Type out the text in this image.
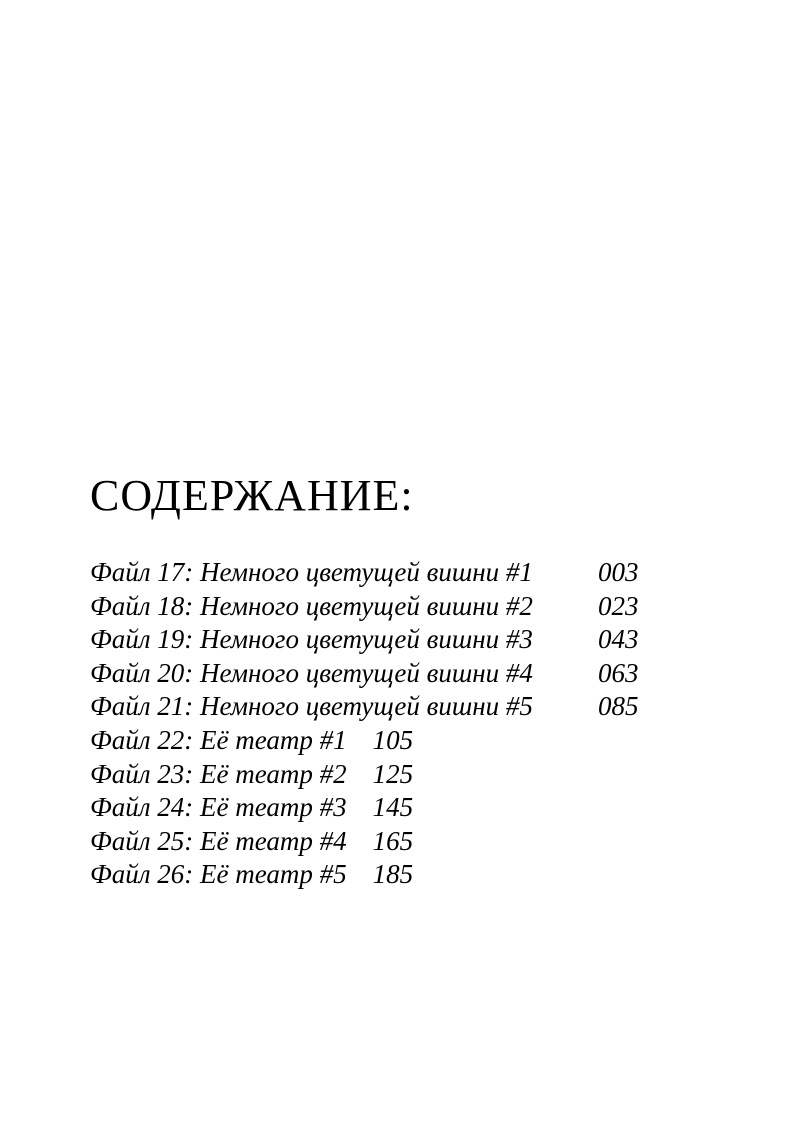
СОДЕРЖАНИЕ:
Файл 17: Немного цветущей вишни #1	003
Файл 18: Немного цветущей вишни #2	023
Файл 19: Немного цветущей вишни #3	043
Файл 20: Немного цветущей вишни #4	063
Файл 21: Немного цветущей вишни #5	085
Файл 22: Её театр #1 105
Файл 23: Её театр #2 125
Файл 24: Её театр #3 145
Файл 25: Её театр #4 165
Файл 26: Её театр #5 185
